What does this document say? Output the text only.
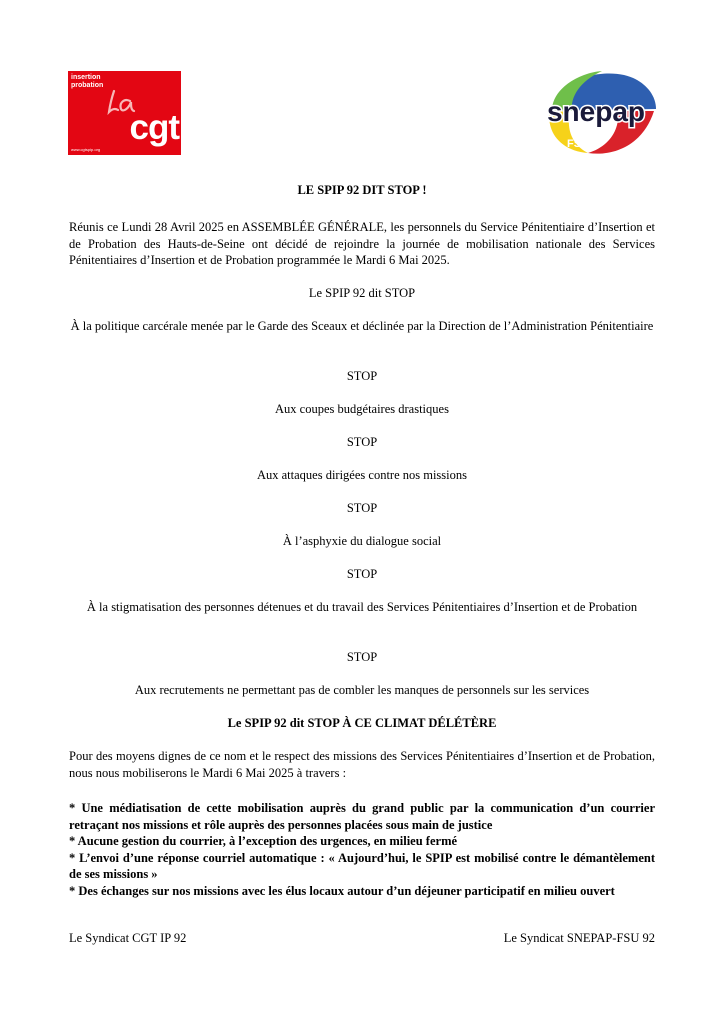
insertion
probation
cgt
www.cgtspip.org
snepap
FSU
LE SPIP 92 DIT STOP !

Réunis ce Lundi 28 Avril 2025 en ASSEMBLÉE GÉNÉRALE, les personnels du Service Pénitentiaire d’Insertion et de Probation des Hauts-de-Seine ont décidé de rejoindre la journée de mobilisation nationale des Services Pénitentiaires d’Insertion et de Probation programmée le Mardi 6 Mai 2025.

Le SPIP 92 dit STOP

À la politique carcérale menée par le Garde des Sceaux et déclinée par la Direction de l’Administration Pénitentiaire

STOP

Aux coupes budgétaires drastiques

STOP

Aux attaques dirigées contre nos missions

STOP

À l’asphyxie du dialogue social

STOP

À la stigmatisation des personnes détenues et du travail des Services Pénitentiaires d’Insertion et de Probation

STOP

Aux recrutements ne permettant pas de combler les manques de personnels sur les services

Le SPIP 92 dit STOP À CE CLIMAT DÉLÉTÈRE

Pour des moyens dignes de ce nom et le respect des missions des Services Pénitentiaires d’Insertion et de Probation, nous nous mobiliserons le Mardi 6 Mai 2025 à travers :

* Une médiatisation de cette mobilisation auprès du grand public par la communication d’un courrier retraçant nos missions et rôle auprès des personnes placées sous main de justice
* Aucune gestion du courrier, à l’exception des urgences, en milieu fermé
* L’envoi d’une réponse courriel automatique : « Aujourd’hui, le SPIP est mobilisé contre le démantèlement de ses missions »
* Des échanges sur nos missions avec les élus locaux autour d’un déjeuner participatif en milieu ouvert

Le Syndicat CGT IP 92	Le Syndicat SNEPAP-FSU 92
